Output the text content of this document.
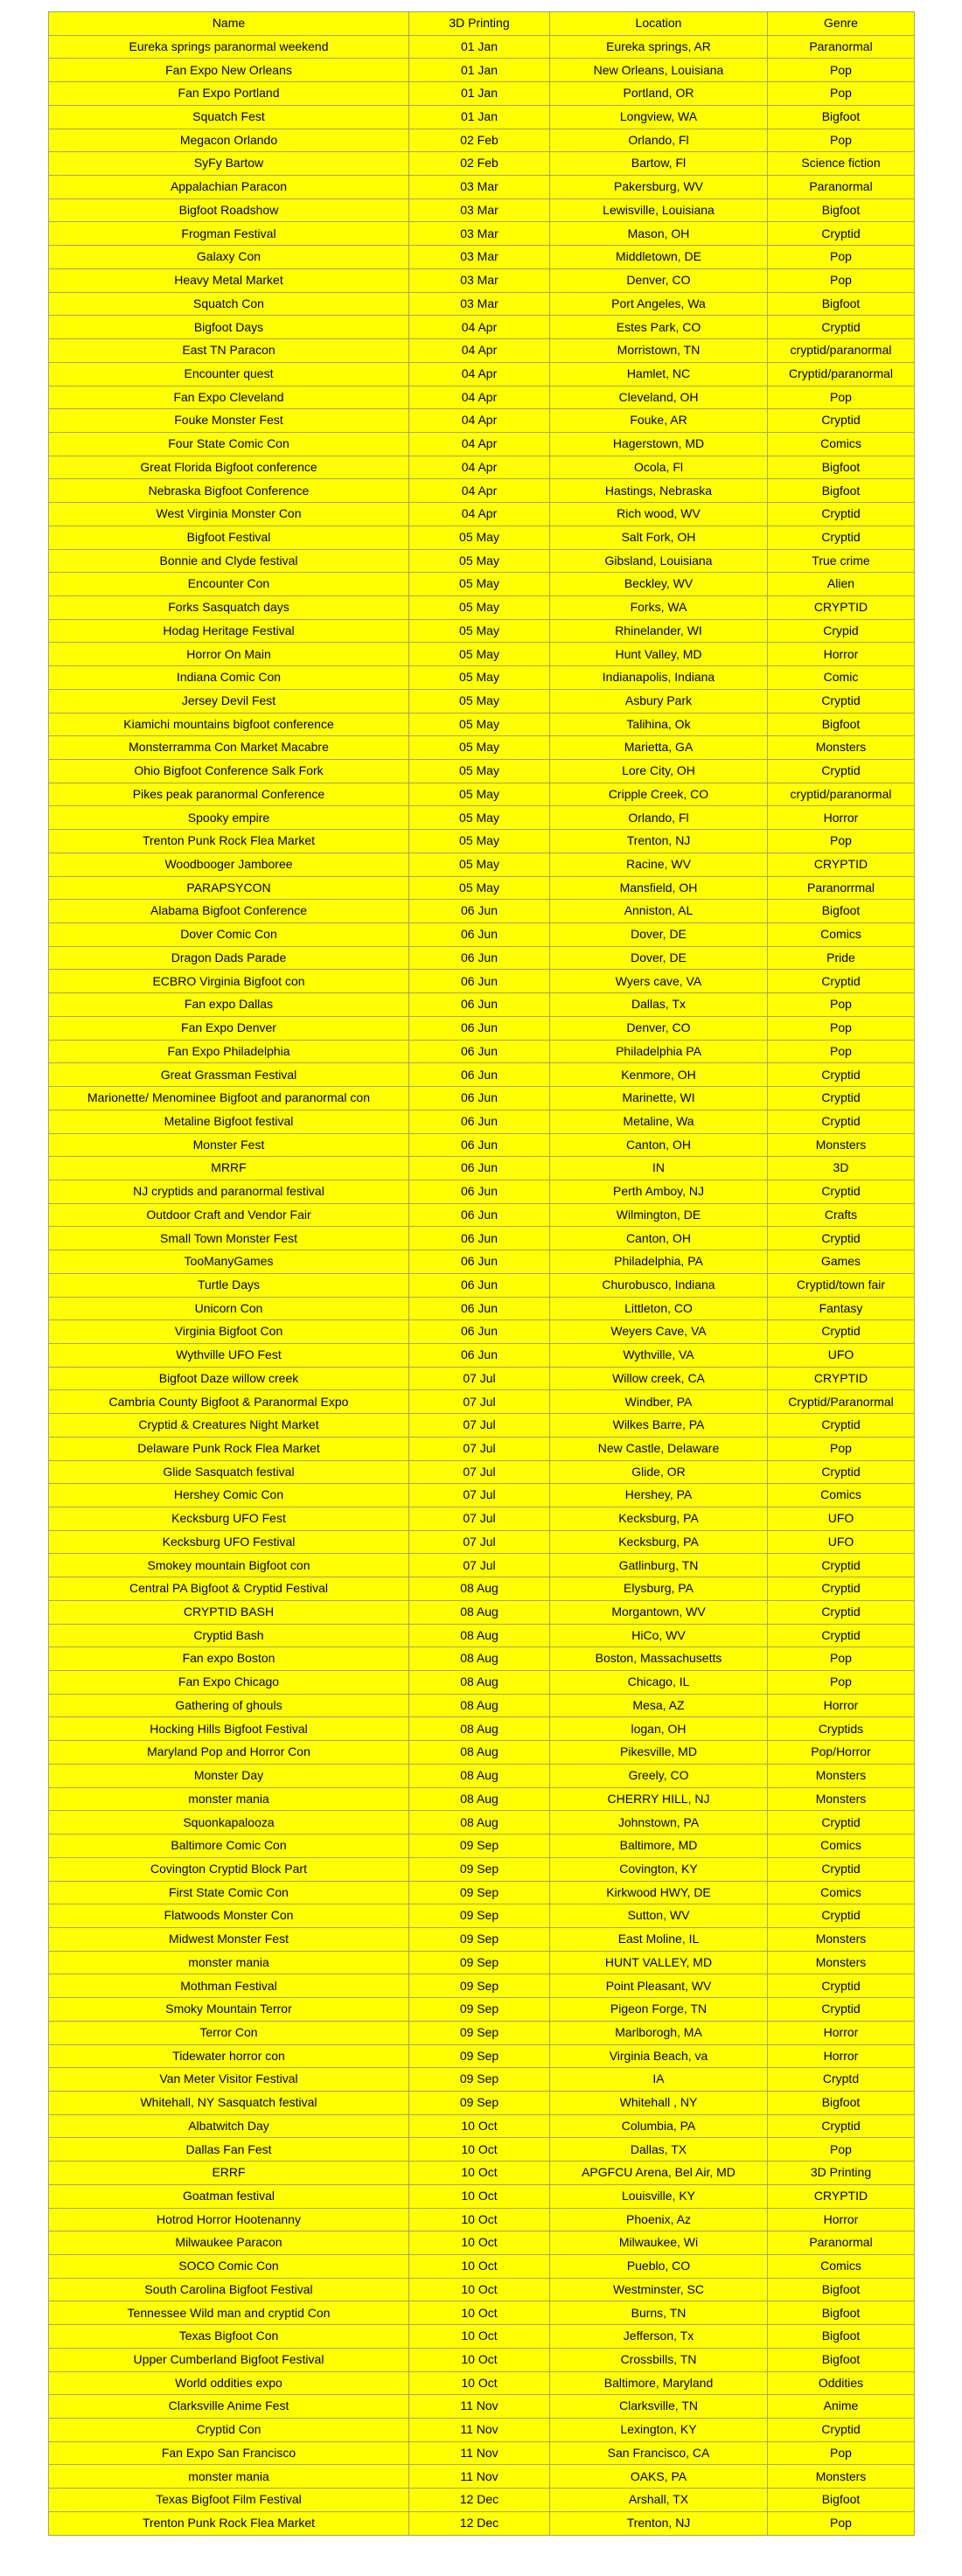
Name	3D Printing	Location	Genre
Eureka springs paranormal weekend	01 Jan	Eureka springs, AR	Paranormal
Fan Expo New Orleans	01 Jan	New Orleans, Louisiana	Pop
Fan Expo Portland	01 Jan	Portland, OR	Pop
Squatch Fest	01 Jan	Longview, WA	Bigfoot
Megacon Orlando	02 Feb	Orlando, Fl	Pop
SyFy Bartow	02 Feb	Bartow, Fl	Science fiction
Appalachian Paracon	03 Mar	Pakersburg, WV	Paranormal
Bigfoot Roadshow	03 Mar	Lewisville, Louisiana	Bigfoot
Frogman Festival	03 Mar	Mason, OH	Cryptid
Galaxy Con	03 Mar	Middletown, DE	Pop
Heavy Metal Market	03 Mar	Denver, CO	Pop
Squatch Con	03 Mar	Port Angeles, Wa	Bigfoot
Bigfoot Days	04 Apr	Estes Park, CO	Cryptid
East TN Paracon	04 Apr	Morristown, TN	cryptid/paranormal
Encounter quest	04 Apr	Hamlet, NC	Cryptid/paranormal
Fan Expo Cleveland	04 Apr	Cleveland, OH	Pop
Fouke Monster Fest	04 Apr	Fouke, AR	Cryptid
Four State Comic Con	04 Apr	Hagerstown, MD	Comics
Great Florida Bigfoot conference	04 Apr	Ocola, Fl	Bigfoot
Nebraska Bigfoot Conference	04 Apr	Hastings, Nebraska	Bigfoot
West Virginia Monster Con	04 Apr	Rich wood, WV	Cryptid
Bigfoot Festival	05 May	Salt Fork, OH	Cryptid
Bonnie and Clyde festival	05 May	Gibsland, Louisiana	True crime
Encounter Con	05 May	Beckley, WV	Alien
Forks Sasquatch days	05 May	Forks, WA	CRYPTID
Hodag Heritage Festival	05 May	Rhinelander, WI	Crypid
Horror On Main	05 May	Hunt Valley, MD	Horror
Indiana Comic Con	05 May	Indianapolis, Indiana	Comic
Jersey Devil Fest	05 May	Asbury Park	Cryptid
Kiamichi mountains bigfoot conference	05 May	Talihina, Ok	Bigfoot
Monsterramma Con Market Macabre	05 May	Marietta, GA	Monsters
Ohio Bigfoot Conference Salk Fork	05 May	Lore City, OH	Cryptid
Pikes peak paranormal Conference	05 May	Cripple Creek, CO	cryptid/paranormal
Spooky empire	05 May	Orlando, Fl	Horror
Trenton Punk Rock Flea Market	05 May	Trenton, NJ	Pop
Woodbooger Jamboree	05 May	Racine, WV	CRYPTID
PARAPSYCON	05 May	Mansfield, OH	Paranorrmal
Alabama Bigfoot Conference	06 Jun	Anniston, AL	Bigfoot
Dover Comic Con	06 Jun	Dover, DE	Comics
Dragon Dads Parade	06 Jun	Dover, DE	Pride
ECBRO Virginia Bigfoot con	06 Jun	Wyers cave, VA	Cryptid
Fan expo Dallas	06 Jun	Dallas, Tx	Pop
Fan Expo Denver	06 Jun	Denver, CO	Pop
Fan Expo Philadelphia	06 Jun	Philadelphia PA	Pop
Great Grassman Festival	06 Jun	Kenmore, OH	Cryptid
Marionette/ Menominee Bigfoot and paranormal con	06 Jun	Marinette, WI	Cryptid
Metaline Bigfoot festival	06 Jun	Metaline, Wa	Cryptid
Monster Fest	06 Jun	Canton, OH	Monsters
MRRF	06 Jun	IN	3D
NJ cryptids and paranormal festival	06 Jun	Perth Amboy, NJ	Cryptid
Outdoor Craft and Vendor Fair	06 Jun	Wilmington, DE	Crafts
Small Town Monster Fest	06 Jun	Canton, OH	Cryptid
TooManyGames	06 Jun	Philadelphia, PA	Games
Turtle Days	06 Jun	Churobusco, Indiana	Cryptid/town fair
Unicorn Con	06 Jun	Littleton, CO	Fantasy
Virginia Bigfoot Con	06 Jun	Weyers Cave, VA	Cryptid
Wythville UFO Fest	06 Jun	Wythville, VA	UFO
Bigfoot Daze willow creek	07 Jul	Willow creek, CA	CRYPTID
Cambria County Bigfoot & Paranormal Expo	07 Jul	Windber, PA	Cryptid/Paranormal
Cryptid & Creatures Night Market	07 Jul	Wilkes Barre, PA	Cryptid
Delaware Punk Rock Flea Market	07 Jul	New Castle, Delaware	Pop
Glide Sasquatch festival	07 Jul	Glide, OR	Cryptid
Hershey Comic Con	07 Jul	Hershey, PA	Comics
Kecksburg UFO Fest	07 Jul	Kecksburg, PA	UFO
Kecksburg UFO Festival	07 Jul	Kecksburg, PA	UFO
Smokey mountain Bigfoot con	07 Jul	Gatlinburg, TN	Cryptid
Central PA Bigfoot & Cryptid Festival	08 Aug	Elysburg, PA	Cryptid
CRYPTID BASH	08 Aug	Morgantown, WV	Cryptid
Cryptid Bash	08 Aug	HiCo, WV	Cryptid
Fan expo Boston	08 Aug	Boston, Massachusetts	Pop
Fan Expo Chicago	08 Aug	Chicago, IL	Pop
Gathering of ghouls	08 Aug	Mesa, AZ	Horror
Hocking Hills Bigfoot Festival	08 Aug	logan, OH	Cryptids
Maryland Pop and Horror Con	08 Aug	Pikesville, MD	Pop/Horror
Monster Day	08 Aug	Greely, CO	Monsters
monster mania	08 Aug	CHERRY HILL, NJ	Monsters
Squonkapalooza	08 Aug	Johnstown, PA	Cryptid
Baltimore Comic Con	09 Sep	Baltimore, MD	Comics
Covington Cryptid Block Part	09 Sep	Covington, KY	Cryptid
First State Comic Con	09 Sep	Kirkwood HWY, DE	Comics
Flatwoods Monster Con	09 Sep	Sutton, WV	Cryptid
Midwest Monster Fest	09 Sep	East Moline, IL	Monsters
monster mania	09 Sep	HUNT VALLEY, MD	Monsters
Mothman Festival	09 Sep	Point Pleasant, WV	Cryptid
Smoky Mountain Terror	09 Sep	Pigeon Forge, TN	Cryptid
Terror Con	09 Sep	Marlborogh, MA	Horror
Tidewater horror con	09 Sep	Virginia Beach, va	Horror
Van Meter Visitor Festival	09 Sep	IA	Cryptd
Whitehall, NY Sasquatch festival	09 Sep	Whitehall , NY	Bigfoot
Albatwitch Day	10 Oct	Columbia, PA	Cryptid
Dallas Fan Fest	10 Oct	Dallas, TX	Pop
ERRF	10 Oct	APGFCU Arena, Bel Air, MD	3D Printing
Goatman festival	10 Oct	Louisville, KY	CRYPTID
Hotrod Horror Hootenanny	10 Oct	Phoenix, Az	Horror
Milwaukee Paracon	10 Oct	Milwaukee, Wi	Paranormal
SOCO Comic Con	10 Oct	Pueblo, CO	Comics
South Carolina Bigfoot Festival	10 Oct	Westminster, SC	Bigfoot
Tennessee Wild man and cryptid Con	10 Oct	Burns, TN	Bigfoot
Texas Bigfoot Con	10 Oct	Jefferson, Tx	Bigfoot
Upper Cumberland Bigfoot Festival	10 Oct	Crossbills, TN	Bigfoot
World oddities expo	10 Oct	Baltimore, Maryland	Oddities
Clarksville Anime Fest	11 Nov	Clarksville, TN	Anime
Cryptid Con	11 Nov	Lexington, KY	Cryptid
Fan Expo San Francisco	11 Nov	San Francisco, CA	Pop
monster mania	11 Nov	OAKS, PA	Monsters
Texas Bigfoot Film Festival	12 Dec	Arshall, TX	Bigfoot
Trenton Punk Rock Flea Market	12 Dec	Trenton, NJ	Pop
